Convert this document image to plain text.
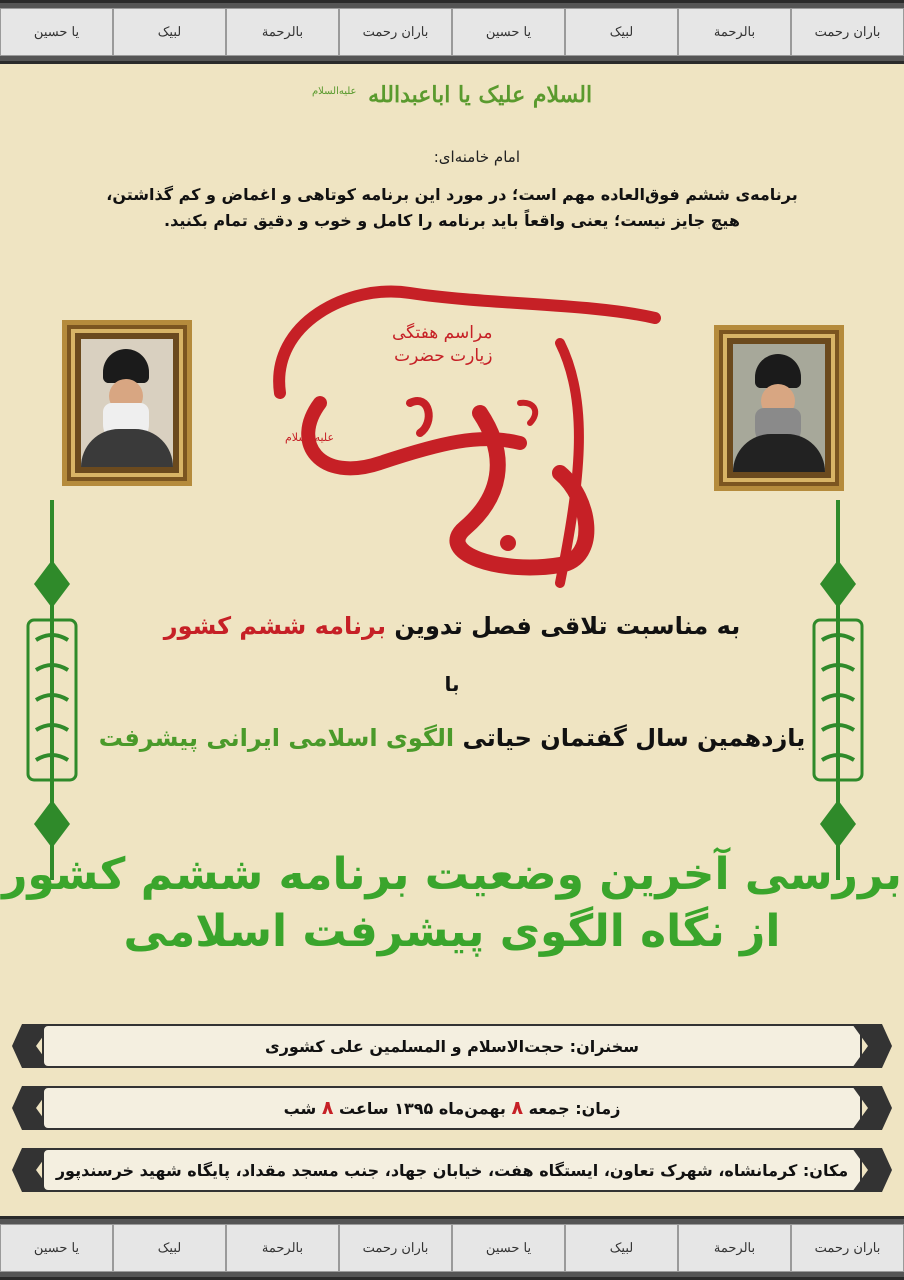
باران رحمت
بالرحمة
لبیک
یا حسین
باران رحمت
بالرحمة
لبیک
یا حسین
السلام علیک یا اباعبدالله $^{علیه‌السلام}$
امام خامنه‌ای:
برنامه‌ی ششم فوق‌العاده مهم است؛ در مورد این برنامه کوتاهی و اغماض و کم گذاشتن،
هیچ جایز نیست؛ یعنی واقعاً باید برنامه را کامل و خوب و دقیق تمام بکنید.
مراسم هفتگی
زیارت حضرت
علیه‌السلام
به مناسبت تلاقی فصل تدوین برنامه ششم کشور
با
یازدهمین سال گفتمان حیاتی الگوی اسلامی ایرانی پیشرفت
بررسی آخرین وضعیت برنامه ششم کشور
از نگاه الگوی پیشرفت اسلامی
سخنران: حجت‌الاسلام و المسلمین علی کشوری
زمان: جمعه ۸ بهمن‌ماه ۱۳۹۵ ساعت ۸ شب
مکان: کرمانشاه، شهرک تعاون، ایستگاه هفت، خیابان جهاد، جنب مسجد مقداد، پایگاه شهید خرسندپور
باران رحمت
بالرحمة
لبیک
یا حسین
باران رحمت
بالرحمة
لبیک
یا حسین
